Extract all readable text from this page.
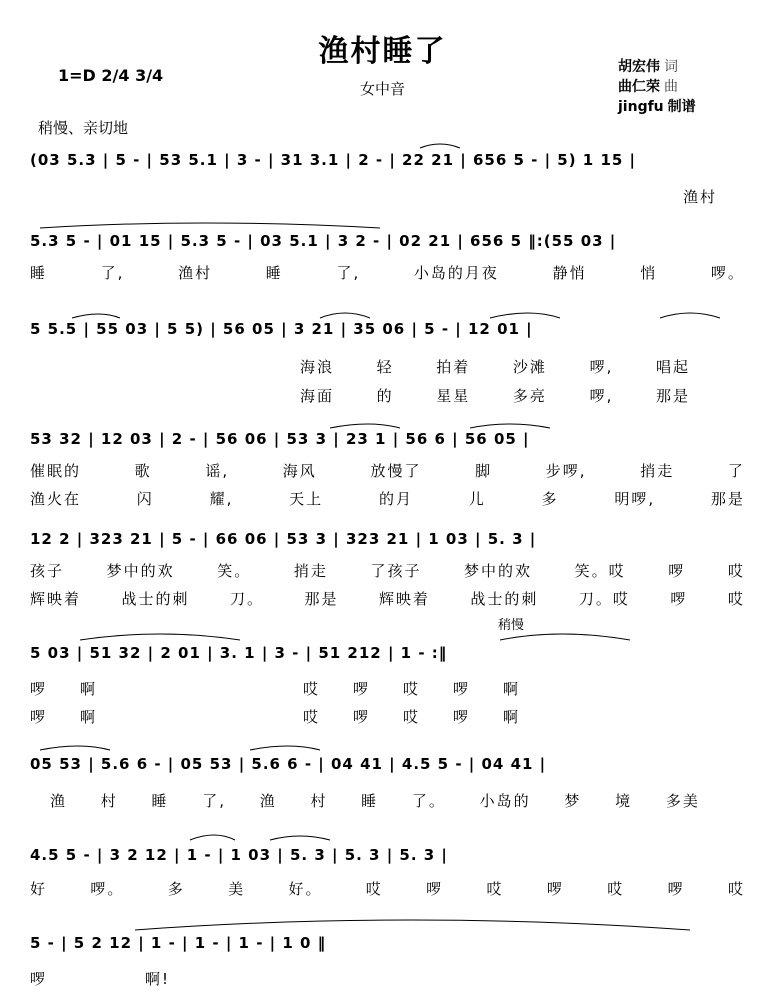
渔村睡了
女中音
1=D 2/4 3/4
稍慢、亲切地
胡宏伟 词
曲仁荣 曲
jingfu 制谱
稍慢
(03 5.3 | 5 - | 53 5.1 | 3 - | 31 3.1 | 2 - | 22 21 | 656 5 - | 5) 1 15 |
渔村
5.3 5 - | 01 15 | 5.3 5 - | 03 5.1 | 3 2 - | 02 21 | 656 5 ‖:(55 03 |
睡	了,	渔村	睡	了,	小岛的月夜	静悄	悄	啰。
5 5.5 | 55 03 | 5 5) | 56 05 | 3 21 | 35 06 | 5 - | 12 01 |
海浪	轻	拍着	沙滩	啰,	唱起
海面	的	星星	多亮	啰,	那是
53 32 | 12 03 | 2 - | 56 06 | 53 3 | 23 1 | 56 6 | 56 05 |
催眠的	歌	谣,	海风	放慢了	脚	步啰,	捎走	了
渔火在	闪	耀,	天上	的月	儿	多	明啰,	那是
12 2 | 323 21 | 5 - | 66 06 | 53 3 | 323 21 | 1 03 | 5. 3 |
孩子	梦中的欢	笑。	捎走	了孩子	梦中的欢	笑。哎	啰	哎
辉映着	战士的刺	刀。	那是	辉映着	战士的刺	刀。哎	啰	哎
5 03 | 51 32 | 2 01 | 3. 1 | 3 - | 51 212 | 1 - :‖
啰 啊	哎 啰 哎 啰 啊
啰 啊	哎 啰 哎 啰 啊
05 53 | 5.6 6 - | 05 53 | 5.6 6 - | 04 41 | 4.5 5 - | 04 41 |
渔 村 睡 了, 渔 村 睡 了。 小岛的 梦 境 多美
4.5 5 - | 3 2 12 | 1 - | 1 03 | 5. 3 | 5. 3 | 5. 3 |
好	啰。	多	美	好。	哎	啰	哎	啰	哎	啰	哎
5 - | 5 2 12 | 1 - | 1 - | 1 - | 1 0 ‖
啰	啊!
